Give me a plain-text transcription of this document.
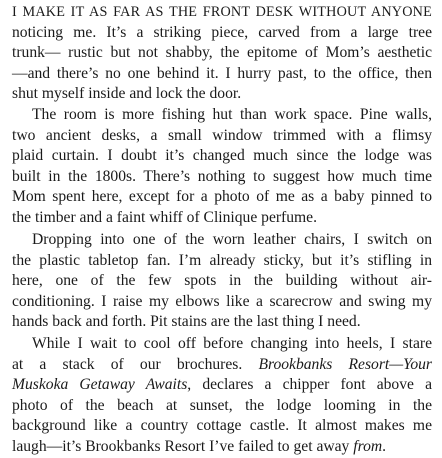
I MAKE IT AS FAR AS THE FRONT DESK WITHOUT ANYONE
noticing me. It’s a striking piece, carved from a large tree
trunk— rustic but not shabby, the epitome of Mom’s aesthetic
—and there’s no one behind it. I hurry past, to the office, then
shut myself inside and lock the door.
The room is more fishing hut than work space. Pine walls,
two ancient desks, a small window trimmed with a flimsy
plaid curtain. I doubt it’s changed much since the lodge was
built in the 1800s. There’s nothing to suggest how much time
Mom spent here, except for a photo of me as a baby pinned to
the timber and a faint whiff of Clinique perfume.
Dropping into one of the worn leather chairs, I switch on
the plastic tabletop fan. I’m already sticky, but it’s stifling in
here, one of the few spots in the building without air-
conditioning. I raise my elbows like a scarecrow and swing my
hands back and forth. Pit stains are the last thing I need.
While I wait to cool off before changing into heels, I stare
at a stack of our brochures. Brookbanks Resort—Your
Muskoka Getaway Awaits, declares a chipper font above a
photo of the beach at sunset, the lodge looming in the
background like a country cottage castle. It almost makes me
laugh—it’s Brookbanks Resort I’ve failed to get away from.
